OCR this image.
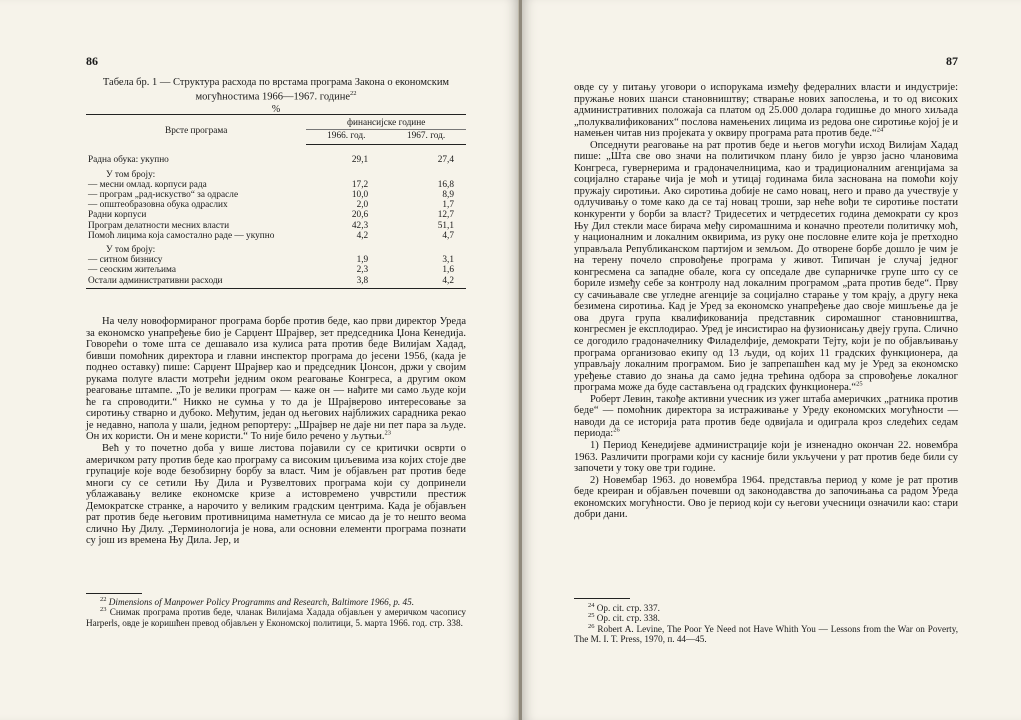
86
Табела бр. 1 — Структура расхода по врстама програма Закона о економским могућностима 1966—1967. године$^{22}$
%
Врсте програма	финансијске године	
	1966. год.	1967. год.
Радна обука: укупно	29,1	27,4
У том броју:		
— месни омлад. корпуси рада	17,2	16,8
— програм „рад-искуство“ за одрасле	10,0	8,9
— општеобразовна обука одраслих	2,0	1,7
Радни корпуси	20,6	12,7
Програм делатности месних власти	42,3	51,1
Помоћ лицима која самостално раде — укупно	4,2	4,7
У том броју:		
— ситном бизнису	1,9	3,1
— сеоским житељима	2,3	1,6
Остали административни расходи	3,8	4,2

На челу новоформираног програма борбе против беде, као први директор Уреда за економско унапређење био је Сарџент Шрајвер, зет председника Џона Кенедија. Говорећи о томе шта се дешавало иза кулиса рата против беде Вилијам Хадад, бивши помоћник директора и главни инспектор програма до јесени 1956, (када је поднео оставку) пише: Сарџент Шрајвер као и председник Џонсон, држи у својим рукама полуге власти мотрећи једним оком реаговање Конгреса, а другим оком реаговање штампе. „То је велики програм — каже он — нађите ми само људе који ће га спроводити.“ Никко не сумња у то да је Шрајверово интересовање за сиротињу стварно и дубоко. Међутим, један од његових најближих сарадника рекао је недавно, напола у шали, једном репортеру: „Шрајвер не даје ни пет пара за људе. Он их користи. Он и мене користи.“ То није било речено у љутњи.$^{23}$

Већ у то почетно доба у више листова појавили су се критички осврти о америчком рату против беде као програму са високим циљевима иза којих стоје две групације које воде безобзирну борбу за власт. Чим је објављен рат против беде многи су се сетили Њу Дила и Рузвелтових програма који су допринели ублажавању велике економске кризе а истовремено учврстили престиж Демократске странке, а нарочито у великим градским центрима. Када је објављен рат против беде његовим противницима наметнула се мисао да је то нешто веома слично Њу Дилу. „Терминологија је нова, али основни елементи програма познати су још из времена Њу Дила. Јер, и

$^{22}$ Dimensions of Manpower Policy Programms and Research, Baltimore 1966, p. 45.

$^{23}$ Снимак програма против беде, чланак Вилијама Хадада објављен у америчком часопису Harperls, овде је коришћен превод објављен у Економској политици, 5. марта 1966. год. стр. 338.

87

овде су у питању уговори о испорукама између федералних власти и индустрије: пружање нових шанси становништву; стварање нових запослења, и то од високих административних положаја са платом од 25.000 долара годишње до много хиљада „полуквалификованих“ послова намењених лицима из редова оне сиротиње којој је и намењен читав низ пројеката у оквиру програма рата против беде.“$^{24}$

Опседнути реаговање на рат против беде и његов могући исход Вилијам Хадад пише: „Шта све ово значи на политичком плану било је уврзо јасно члановима Конгреса, гувернерима и градоначелницима, као и традиционалним агенцијама за социјално старање чија је моћ и утицај годинама била заснована на помоћи коју пружају сиротињи. Ако сиротиња добије не само новац, него и право да учествује у одлучивању о томе како да се тај новац троши, зар неће вођи те сиротиње постати конкуренти у борби за власт? Тридесетих и четрдесетих година демократи су кроз Њу Дил стекли масе бирача међу сиромашнима и коначно преотели политичку моћ, у националним и локалним оквирима, из руку оне пословне елите која је претходно управљала Републиканском партијом и земљом. До отворене борбе дошло је чим је на терену почело спровођење програма у живот. Типичан је случај једног конгресмена са западне обале, кога су опседале две супарничке групе што су се бориле између себе за контролу над локалним програмом „рата против беде“. Прву су сачињавале све угледне агенције за социјално старање у том крају, а другу нека безимена сиротиња. Кад је Уред за економско унапређење дао своје мишљење да је ова друга група квалификованија представник сиромашног становништва, конгресмен је експлодирао. Уред је инсистирао на фузионисању двеју група. Слично се догодило градоначелнику Филаделфије, демократи Тејту, који је по објављивању програма организовао екипу од 13 људи, од којих 11 градских функционера, да управљају локалним програмом. Био је запрепашћен кад му је Уред за економско уређење ставио до знања да само једна трећина одбора за спровођење локалног програма може да буде састављена од градских функционера.“$^{25}$

Роберт Левин, такође активни учесник из ужег штаба америчких „ратника против беде“ — помоћник директора за истраживање у Уреду економских могућности — наводи да се историја рата против беде одвијала и одиграла кроз следећих седам периода:$^{26}$

1) Период Кенедијеве администрације који је изненадно окончан 22. новембра 1963. Различити програми који су касније били укључени у рат против беде били су започети у току ове три године.

2) Новембар 1963. до новембра 1964. представља период у коме је рат против беде креиран и објављен почевши од законодавства до започињања са радом Уреда економских могућности. Ово је период који су његови учесници означили као: стари добри дани.

$^{24}$ Op. cit. стр. 337.

$^{25}$ Op. cit. стр. 338.

$^{26}$ Robert A. Levine, The Poor Ye Need not Have Whith You — Lessons from the War on Poverty, The M. I. T. Press, 1970, п. 44—45.
